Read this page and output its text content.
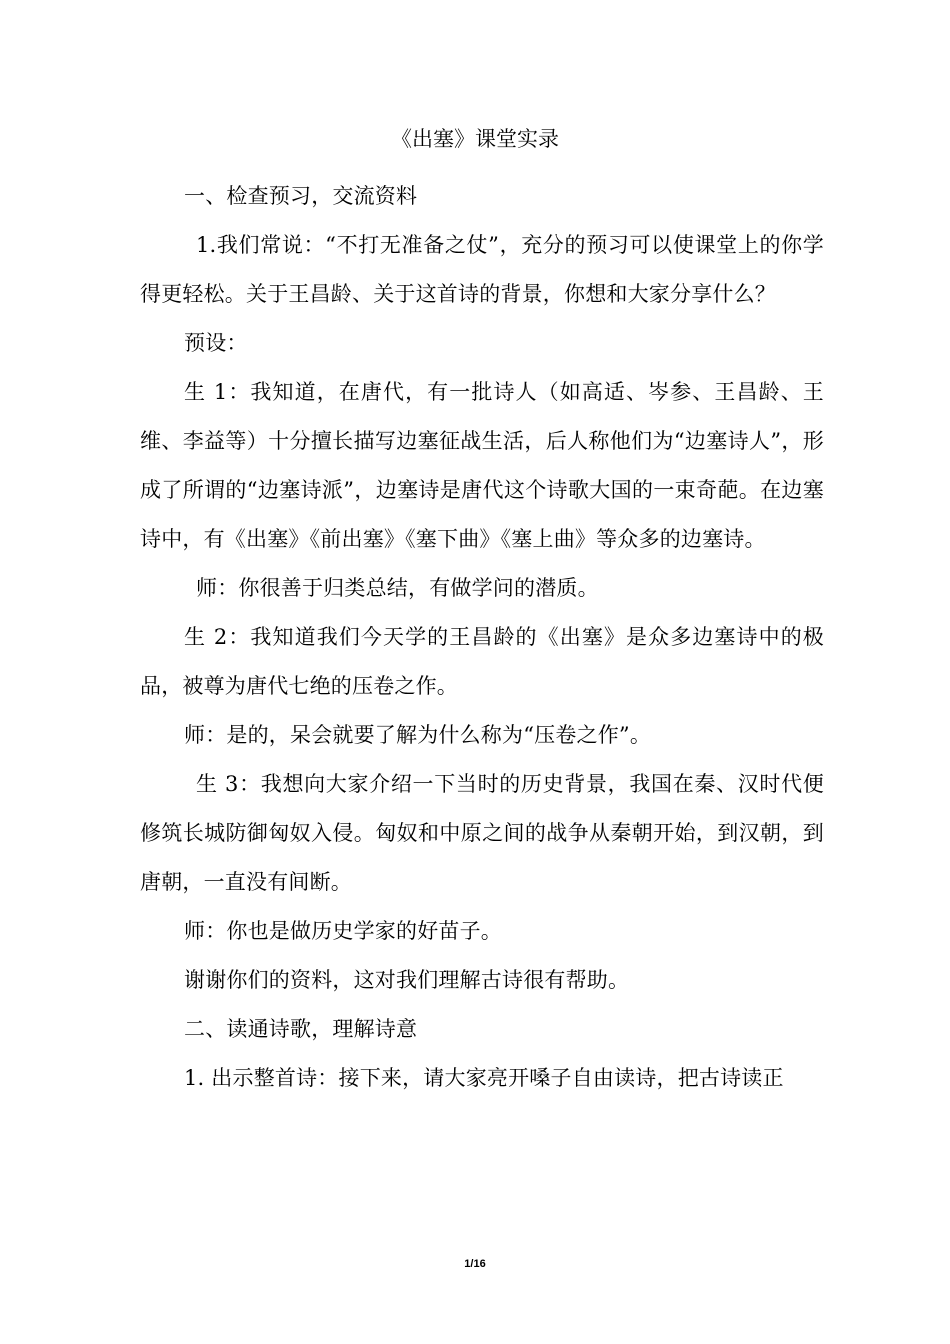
《出塞》课堂实录

一、检查预习，交流资料

1.我们常说：“不打无准备之仗”，充分的预习可以使课堂上的你学得更轻松。关于王昌龄、关于这首诗的背景，你想和大家分享什么？

预设：

生 1：我知道，在唐代，有一批诗人（如高适、岑参、王昌龄、王维、李益等）十分擅长描写边塞征战生活，后人称他们为“边塞诗人”，形成了所谓的“边塞诗派”，边塞诗是唐代这个诗歌大国的一束奇葩。在边塞诗中，有《出塞》《前出塞》《塞下曲》《塞上曲》等众多的边塞诗。

师：你很善于归类总结，有做学问的潜质。

生 2：我知道我们今天学的王昌龄的《出塞》是众多边塞诗中的极品，被尊为唐代七绝的压卷之作。

师：是的，呆会就要了解为什么称为“压卷之作”。

生 3：我想向大家介绍一下当时的历史背景，我国在秦、汉时代便修筑长城防御匈奴入侵。匈奴和中原之间的战争从秦朝开始，到汉朝，到唐朝，一直没有间断。

师：你也是做历史学家的好苗子。

谢谢你们的资料，这对我们理解古诗很有帮助。

二、读通诗歌，理解诗意

1. 出示整首诗：接下来，请大家亮开嗓子自由读诗，把古诗读正

1/16
